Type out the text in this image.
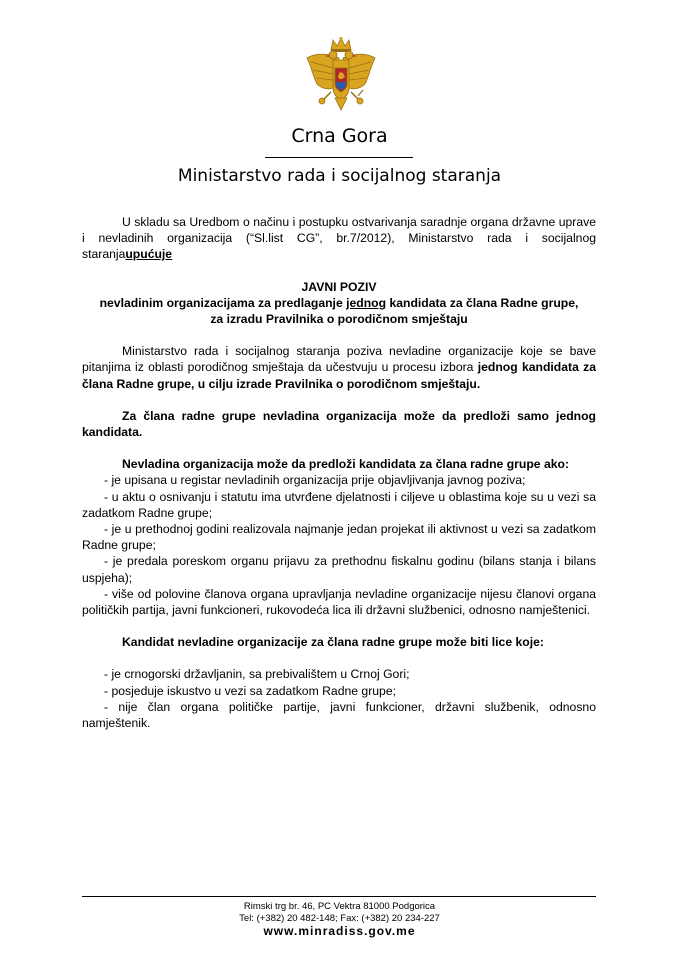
Crna Gora
Ministarstvo rada i socijalnog staranja

U skladu sa Uredbom o načinu i postupku ostvarivanja saradnje organa državne uprave i nevladinih organizacija (“Sl.list CG”, br.7/2012), Ministarstvo rada i socijalnog staranjaupućuje

JAVNI POZIV

nevladinim organizacijama za predlaganje jednog kandidata za člana Radne grupe,

za izradu Pravilnika o porodičnom smještaju

Ministarstvo rada i socijalnog staranja poziva nevladine organizacije koje se bave pitanjima iz oblasti porodičnog smještaja da učestvuju u procesu izbora jednog kandidata za člana Radne grupe, u cilju izrade Pravilnika o porodičnom smještaju.

Za člana radne grupe nevladina organizacija može da predloži samo jednog kandidata.

Nevladina organizacija može da predloži kandidata za člana radne grupe ako:

- je upisana u registar nevladinih organizacija prije objavljivanja javnog poziva;

- u aktu o osnivanju i statutu ima utvrđene djelatnosti i ciljeve u oblastima koje su u vezi sa zadatkom Radne grupe;

- je u prethodnoj godini realizovala najmanje jedan projekat ili aktivnost u vezi sa zadatkom Radne grupe;

- je predala poreskom organu prijavu za prethodnu fiskalnu godinu (bilans stanja i bilans uspjeha);

- više od polovine članova organa upravljanja nevladine organizacije nijesu članovi organa političkih partija, javni funkcioneri, rukovodeća lica ili državni službenici, odnosno namještenici.

Kandidat nevladine organizacije za člana radne grupe može biti lice koje:

- je crnogorski državljanin, sa prebivalištem u Crnoj Gori;

- posjeduje iskustvo u vezi sa zadatkom Radne grupe;

- nije član organa političke partije, javni funkcioner, državni službenik, odnosno namještenik.

Rimski trg br. 46, PC Vektra 81000 Podgorica
Tel: (+382) 20 482-148; Fax: (+382) 20 234-227
www.minradiss.gov.me
